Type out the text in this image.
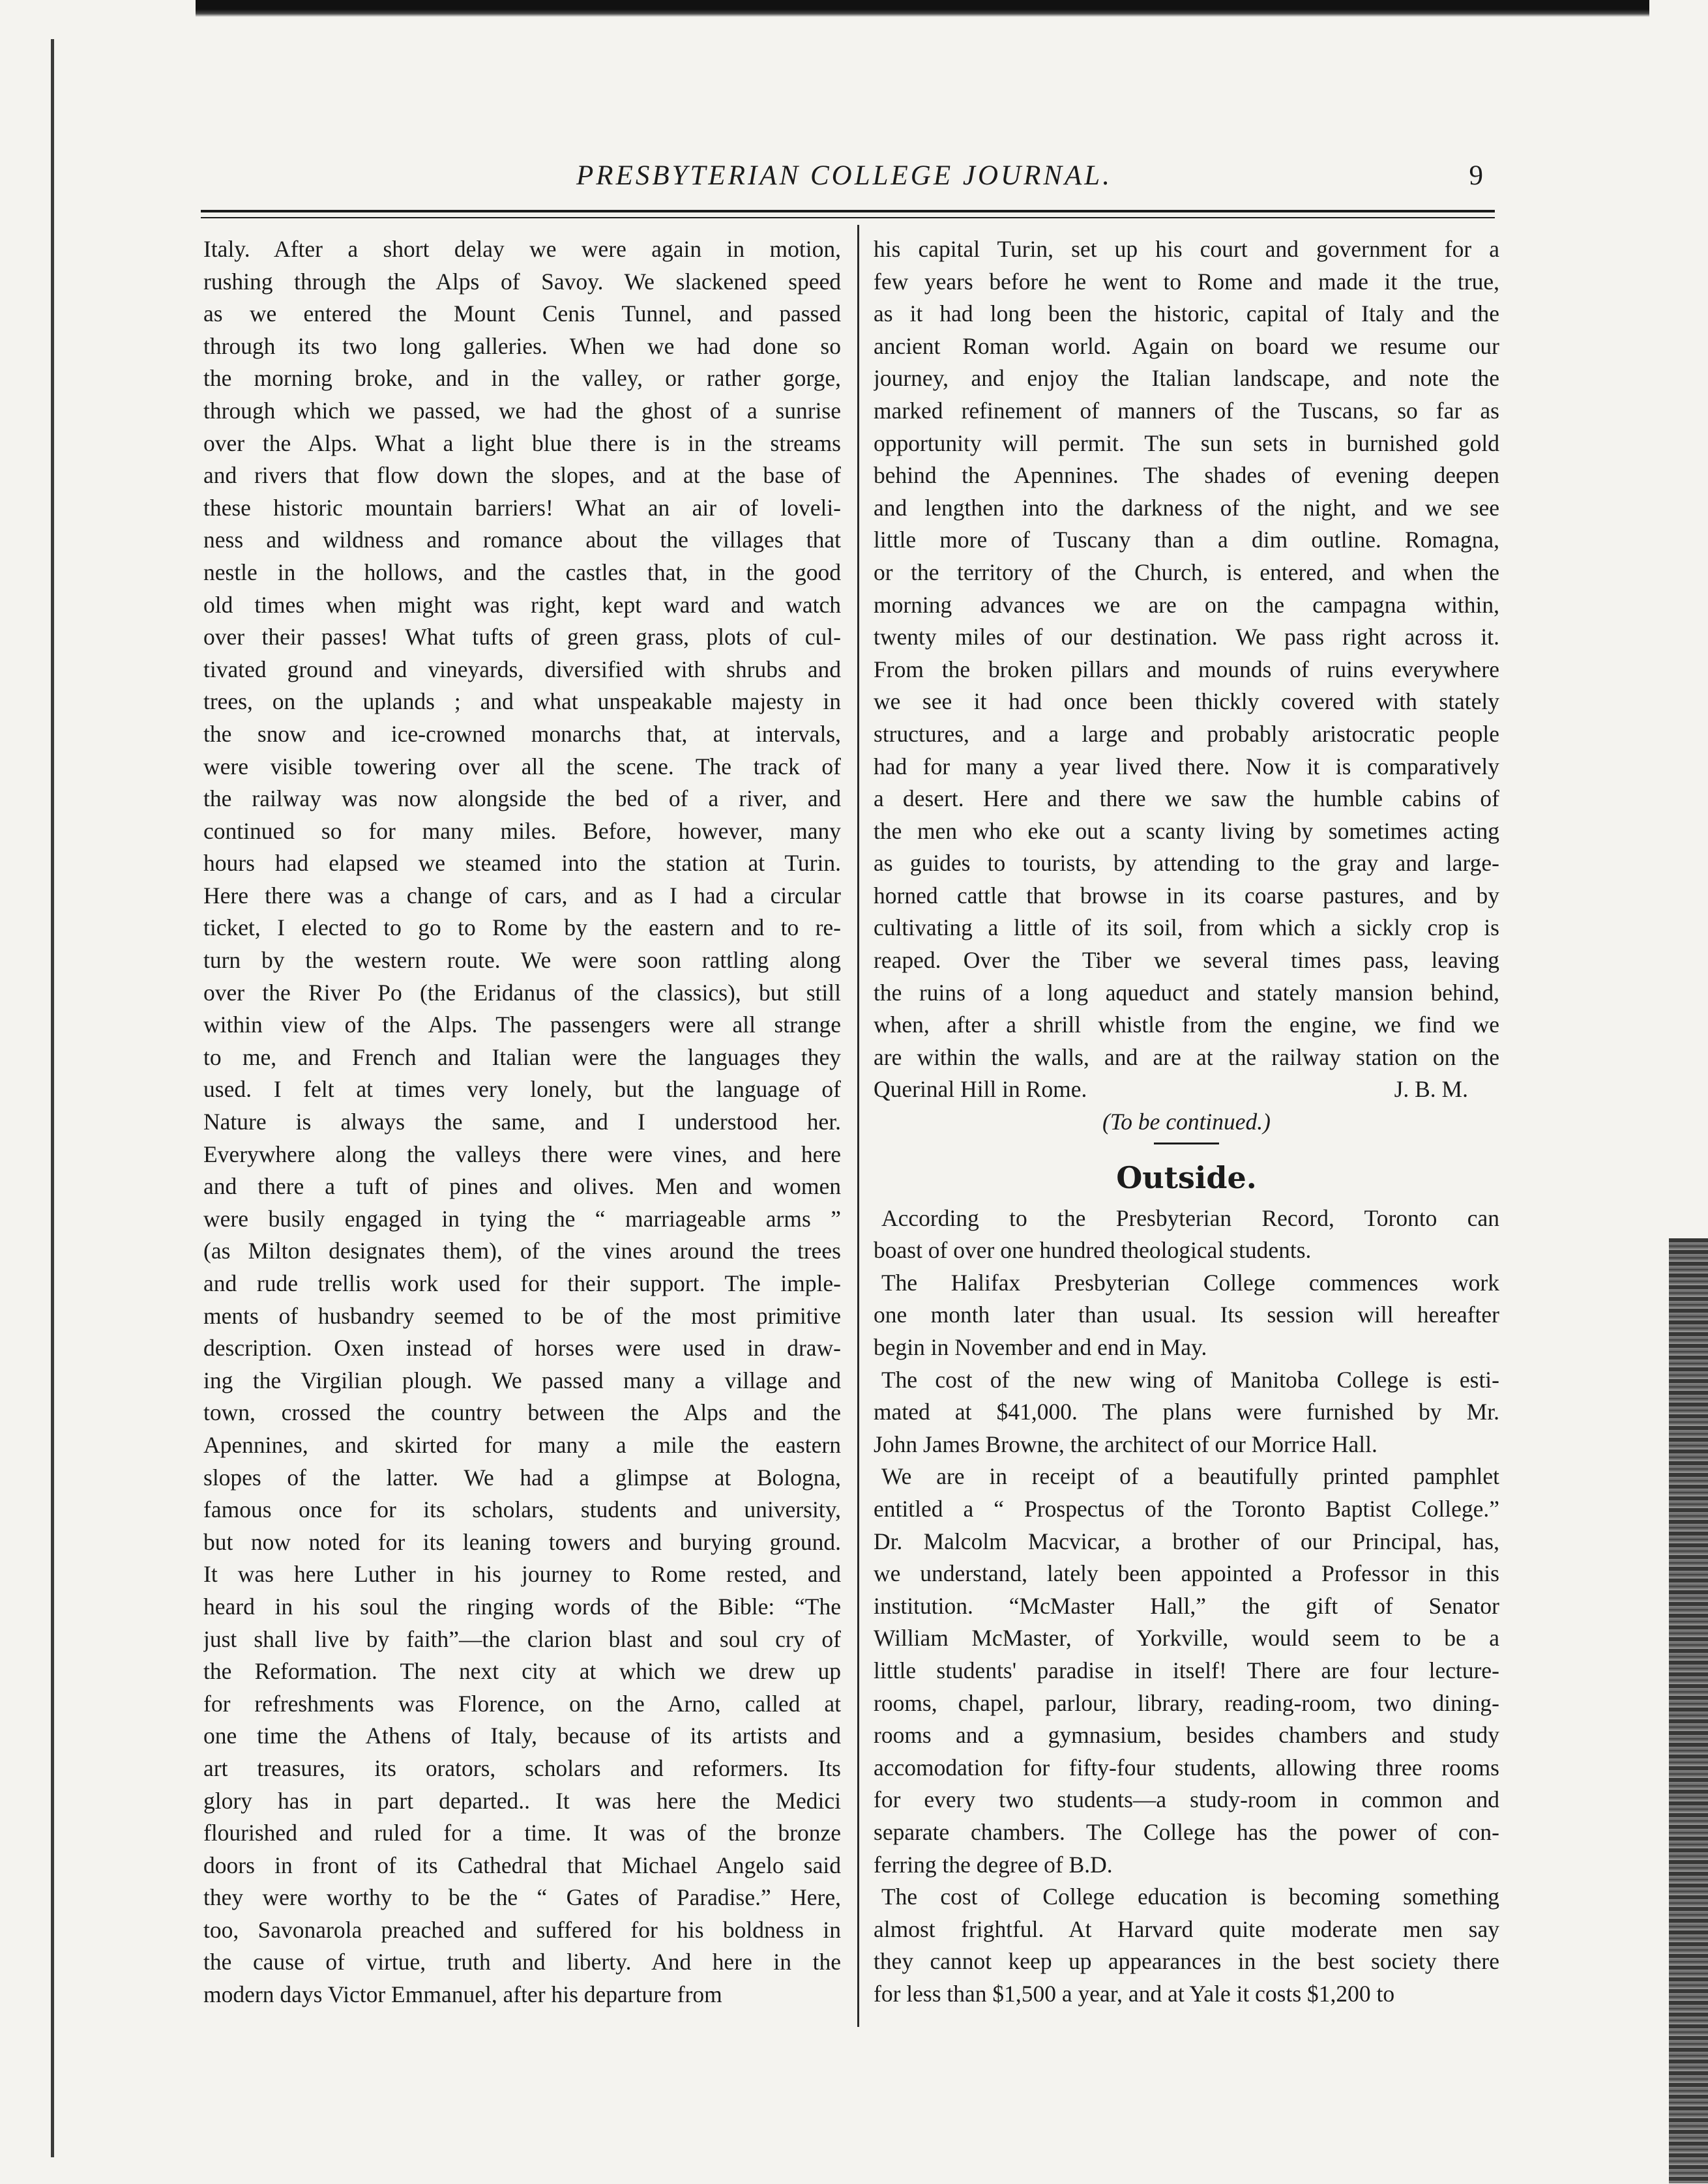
PRESBYTERIAN COLLEGE JOURNAL.	9
Italy. After a short delay we were again in motion,
rushing through the Alps of Savoy. We slackened speed
as we entered the Mount Cenis Tunnel, and passed
through its two long galleries. When we had done so
the morning broke, and in the valley, or rather gorge,
through which we passed, we had the ghost of a sunrise
over the Alps. What a light blue there is in the streams
and rivers that flow down the slopes, and at the base of
these historic mountain barriers! What an air of loveli-
ness and wildness and romance about the villages that
nestle in the hollows, and the castles that, in the good
old times when might was right, kept ward and watch
over their passes! What tufts of green grass, plots of cul-
tivated ground and vineyards, diversified with shrubs and
trees, on the uplands ; and what unspeakable majesty in
the snow and ice-crowned monarchs that, at intervals,
were visible towering over all the scene. The track of
the railway was now alongside the bed of a river, and
continued so for many miles. Before, however, many
hours had elapsed we steamed into the station at Turin.
Here there was a change of cars, and as I had a circular
ticket, I elected to go to Rome by the eastern and to re-
turn by the western route. We were soon rattling along
over the River Po (the Eridanus of the classics), but still
within view of the Alps. The passengers were all strange
to me, and French and Italian were the languages they
used. I felt at times very lonely, but the language of
Nature is always the same, and I understood her.
Everywhere along the valleys there were vines, and here
and there a tuft of pines and olives. Men and women
were busily engaged in tying the “ marriageable arms ”
(as Milton designates them), of the vines around the trees
and rude trellis work used for their support. The imple-
ments of husbandry seemed to be of the most primitive
description. Oxen instead of horses were used in draw-
ing the Virgilian plough. We passed many a village and
town, crossed the country between the Alps and the
Apennines, and skirted for many a mile the eastern
slopes of the latter. We had a glimpse at Bologna,
famous once for its scholars, students and university,
but now noted for its leaning towers and burying ground.
It was here Luther in his journey to Rome rested, and
heard in his soul the ringing words of the Bible: “The
just shall live by faith”—the clarion blast and soul cry of
the Reformation. The next city at which we drew up
for refreshments was Florence, on the Arno, called at
one time the Athens of Italy, because of its artists and
art treasures, its orators, scholars and reformers. Its
glory has in part departed.. It was here the Medici
flourished and ruled for a time. It was of the bronze
doors in front of its Cathedral that Michael Angelo said
they were worthy to be the “ Gates of Paradise.” Here,
too, Savonarola preached and suffered for his boldness in
the cause of virtue, truth and liberty. And here in the
modern days Victor Emmanuel, after his departure from
his capital Turin, set up his court and government for a
few years before he went to Rome and made it the true,
as it had long been the historic, capital of Italy and the
ancient Roman world. Again on board we resume our
journey, and enjoy the Italian landscape, and note the
marked refinement of manners of the Tuscans, so far as
opportunity will permit. The sun sets in burnished gold
behind the Apennines. The shades of evening deepen
and lengthen into the darkness of the night, and we see
little more of Tuscany than a dim outline. Romagna,
or the territory of the Church, is entered, and when the
morning advances we are on the campagna within,
twenty miles of our destination. We pass right across it.
From the broken pillars and mounds of ruins everywhere
we see it had once been thickly covered with stately
structures, and a large and probably aristocratic people
had for many a year lived there. Now it is comparatively
a desert. Here and there we saw the humble cabins of
the men who eke out a scanty living by sometimes acting
as guides to tourists, by attending to the gray and large-
horned cattle that browse in its coarse pastures, and by
cultivating a little of its soil, from which a sickly crop is
reaped. Over the Tiber we several times pass, leaving
the ruins of a long aqueduct and stately mansion behind,
when, after a shrill whistle from the engine, we find we
are within the walls, and are at the railway station on the
Querinal Hill in Rome.	J. B. M.
(To be continued.)
Outside.
According to the Presbyterian Record, Toronto can
boast of over one hundred theological students.
The Halifax Presbyterian College commences work
one month later than usual. Its session will hereafter
begin in November and end in May.
The cost of the new wing of Manitoba College is esti-
mated at $41,000. The plans were furnished by Mr.
John James Browne, the architect of our Morrice Hall.
We are in receipt of a beautifully printed pamphlet
entitled a “ Prospectus of the Toronto Baptist College.”
Dr. Malcolm Macvicar, a brother of our Principal, has,
we understand, lately been appointed a Professor in this
institution. “McMaster Hall,” the gift of Senator
William McMaster, of Yorkville, would seem to be a
little students' paradise in itself! There are four lecture-
rooms, chapel, parlour, library, reading-room, two dining-
rooms and a gymnasium, besides chambers and study
accomodation for fifty-four students, allowing three rooms
for every two students—a study-room in common and
separate chambers. The College has the power of con-
ferring the degree of B.D.
The cost of College education is becoming something
almost frightful. At Harvard quite moderate men say
they cannot keep up appearances in the best society there
for less than $1,500 a year, and at Yale it costs $1,200 to
